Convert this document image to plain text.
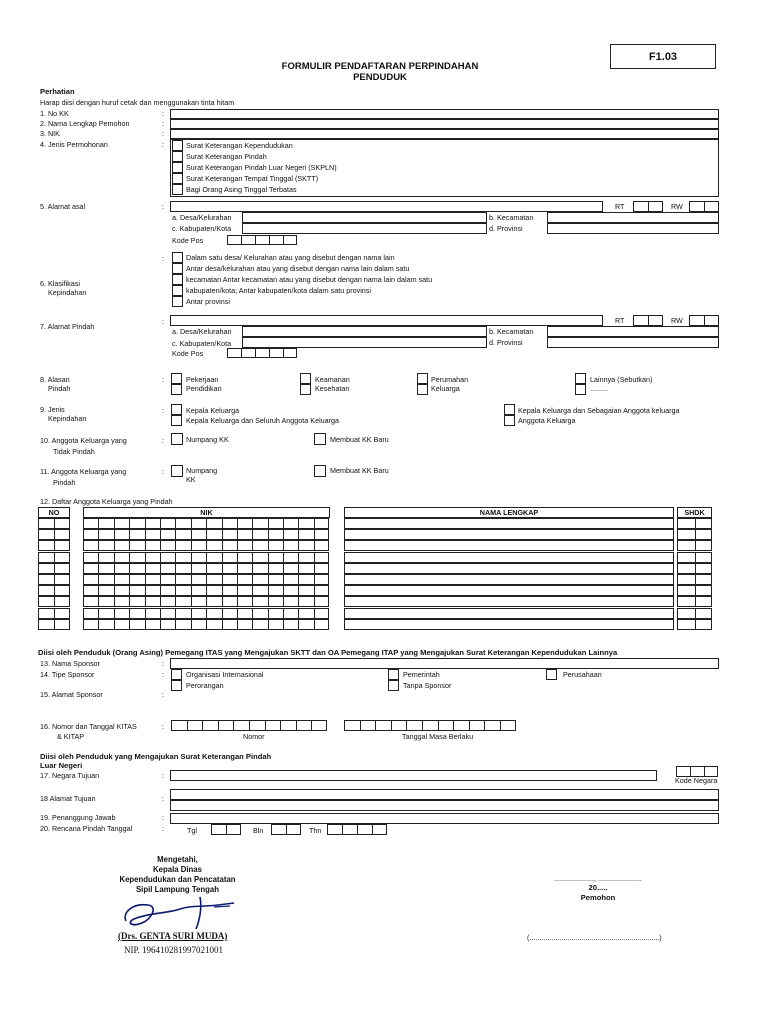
F1.03
FORMULIR PENDAFTARAN PERPINDAHAN
PENDUDUK
Perhatian
Harap diisi dengan huruf cetak dan menggunakan tinta hitam
1. No KK	:
2. Nama Lengkap Pemohon	:
3. NIK	:
4. Jenis Permohonan	:	Surat Keterangan Kependudukan
Surat Keterangan Pindah
Surat Keterangan Pindah Luar Negeri (SKPLN)
Surat Keterangan Tempat Tinggal (SKTT)
Bagi Orang Asing Tinggal Terbatas
5. Alamat asal	:	RT	RW
a. Desa/Kelurahan	b. Kecamatan
c. Kabupaten/Kota	d. Provinsi
Kode Pos
:
6. Klasifikasi
Kepindahan
Dalam satu desa/ Kelurahan atau yang disebut dengan nama lain
Antar desa/kelurahan atau yang disebut dengan nama lain dalam satu
kecamatan Antar kecamatan atau yang disebut dengan nama lain dalam satu
kabupaten/kota; Antar kabupaten/kota dalam satu provinsi
Antar provinsi
:
7. Alamat Pindah
RT	RW
a. Desa/Kelurahan	b. Kecamatan
c. Kabupaten/Kota	d. Provinsi
Kode Pos
8. Alasan
Pindah
:	Pekerjaan
Pendidikan
Keamanan
Kesehatan
Perumahan
Keluarga
Lainnya (Sebutkan)
.........
9. Jenis
Kepindahan
:	Kepala Keluarga
Kepala Keluarga dan Seluruh Anggota Keluarga
Kepala Keluarga dan Sebagaian Anggota keluarga
Anggota Keluarga
10. Anggota Keluarga yang
Tidak Pindah
:	Numpang KK	Membuat KK Baru
11. Anggota Keluarga yang
Pindah
:	Numpang
KK
Membuat KK Baru
12. Daftar Anggota Keluarga yang Pindah
NO	NIK	NAMA LENGKAP	SHDK
Diisi oleh Penduduk (Orang Asing) Pemegang ITAS yang Mengajukan SKTT dan OA Pemegang ITAP yang Mengajukan Surat Keterangan Kependudukan Lainnya
13. Nama Sponsor	:
14. Tipe Sponsor	:	Organisasi Internasional
Perorangan
Pemerintah
Tanpa Sponsor
Perusahaan
15. Alamat Sponsor	:
16. Nomor dan Tanggal KITAS
& KITAP
:
Nomor	Tanggal Masa Berlaku
Diisi oleh Penduduk yang Mengajukan Surat Keterangan Pindah
Luar Negeri
17. Negara Tujuan	:
Kode Negara
18 Alamat Tujuan	:
19. Penanggung Jawab	:
20. Rencana Pindah Tanggal	:	Tgl	Bln	Thn
Mengetahi,
Kepala Dinas
Kependudukan dan Pencatatan
Sipil Lampung Tengah
(Drs. GENTA SURI MUDA)
NIP. 196410281997021001
...................., ......................
20.....
Pemohon
(.................................................................)
